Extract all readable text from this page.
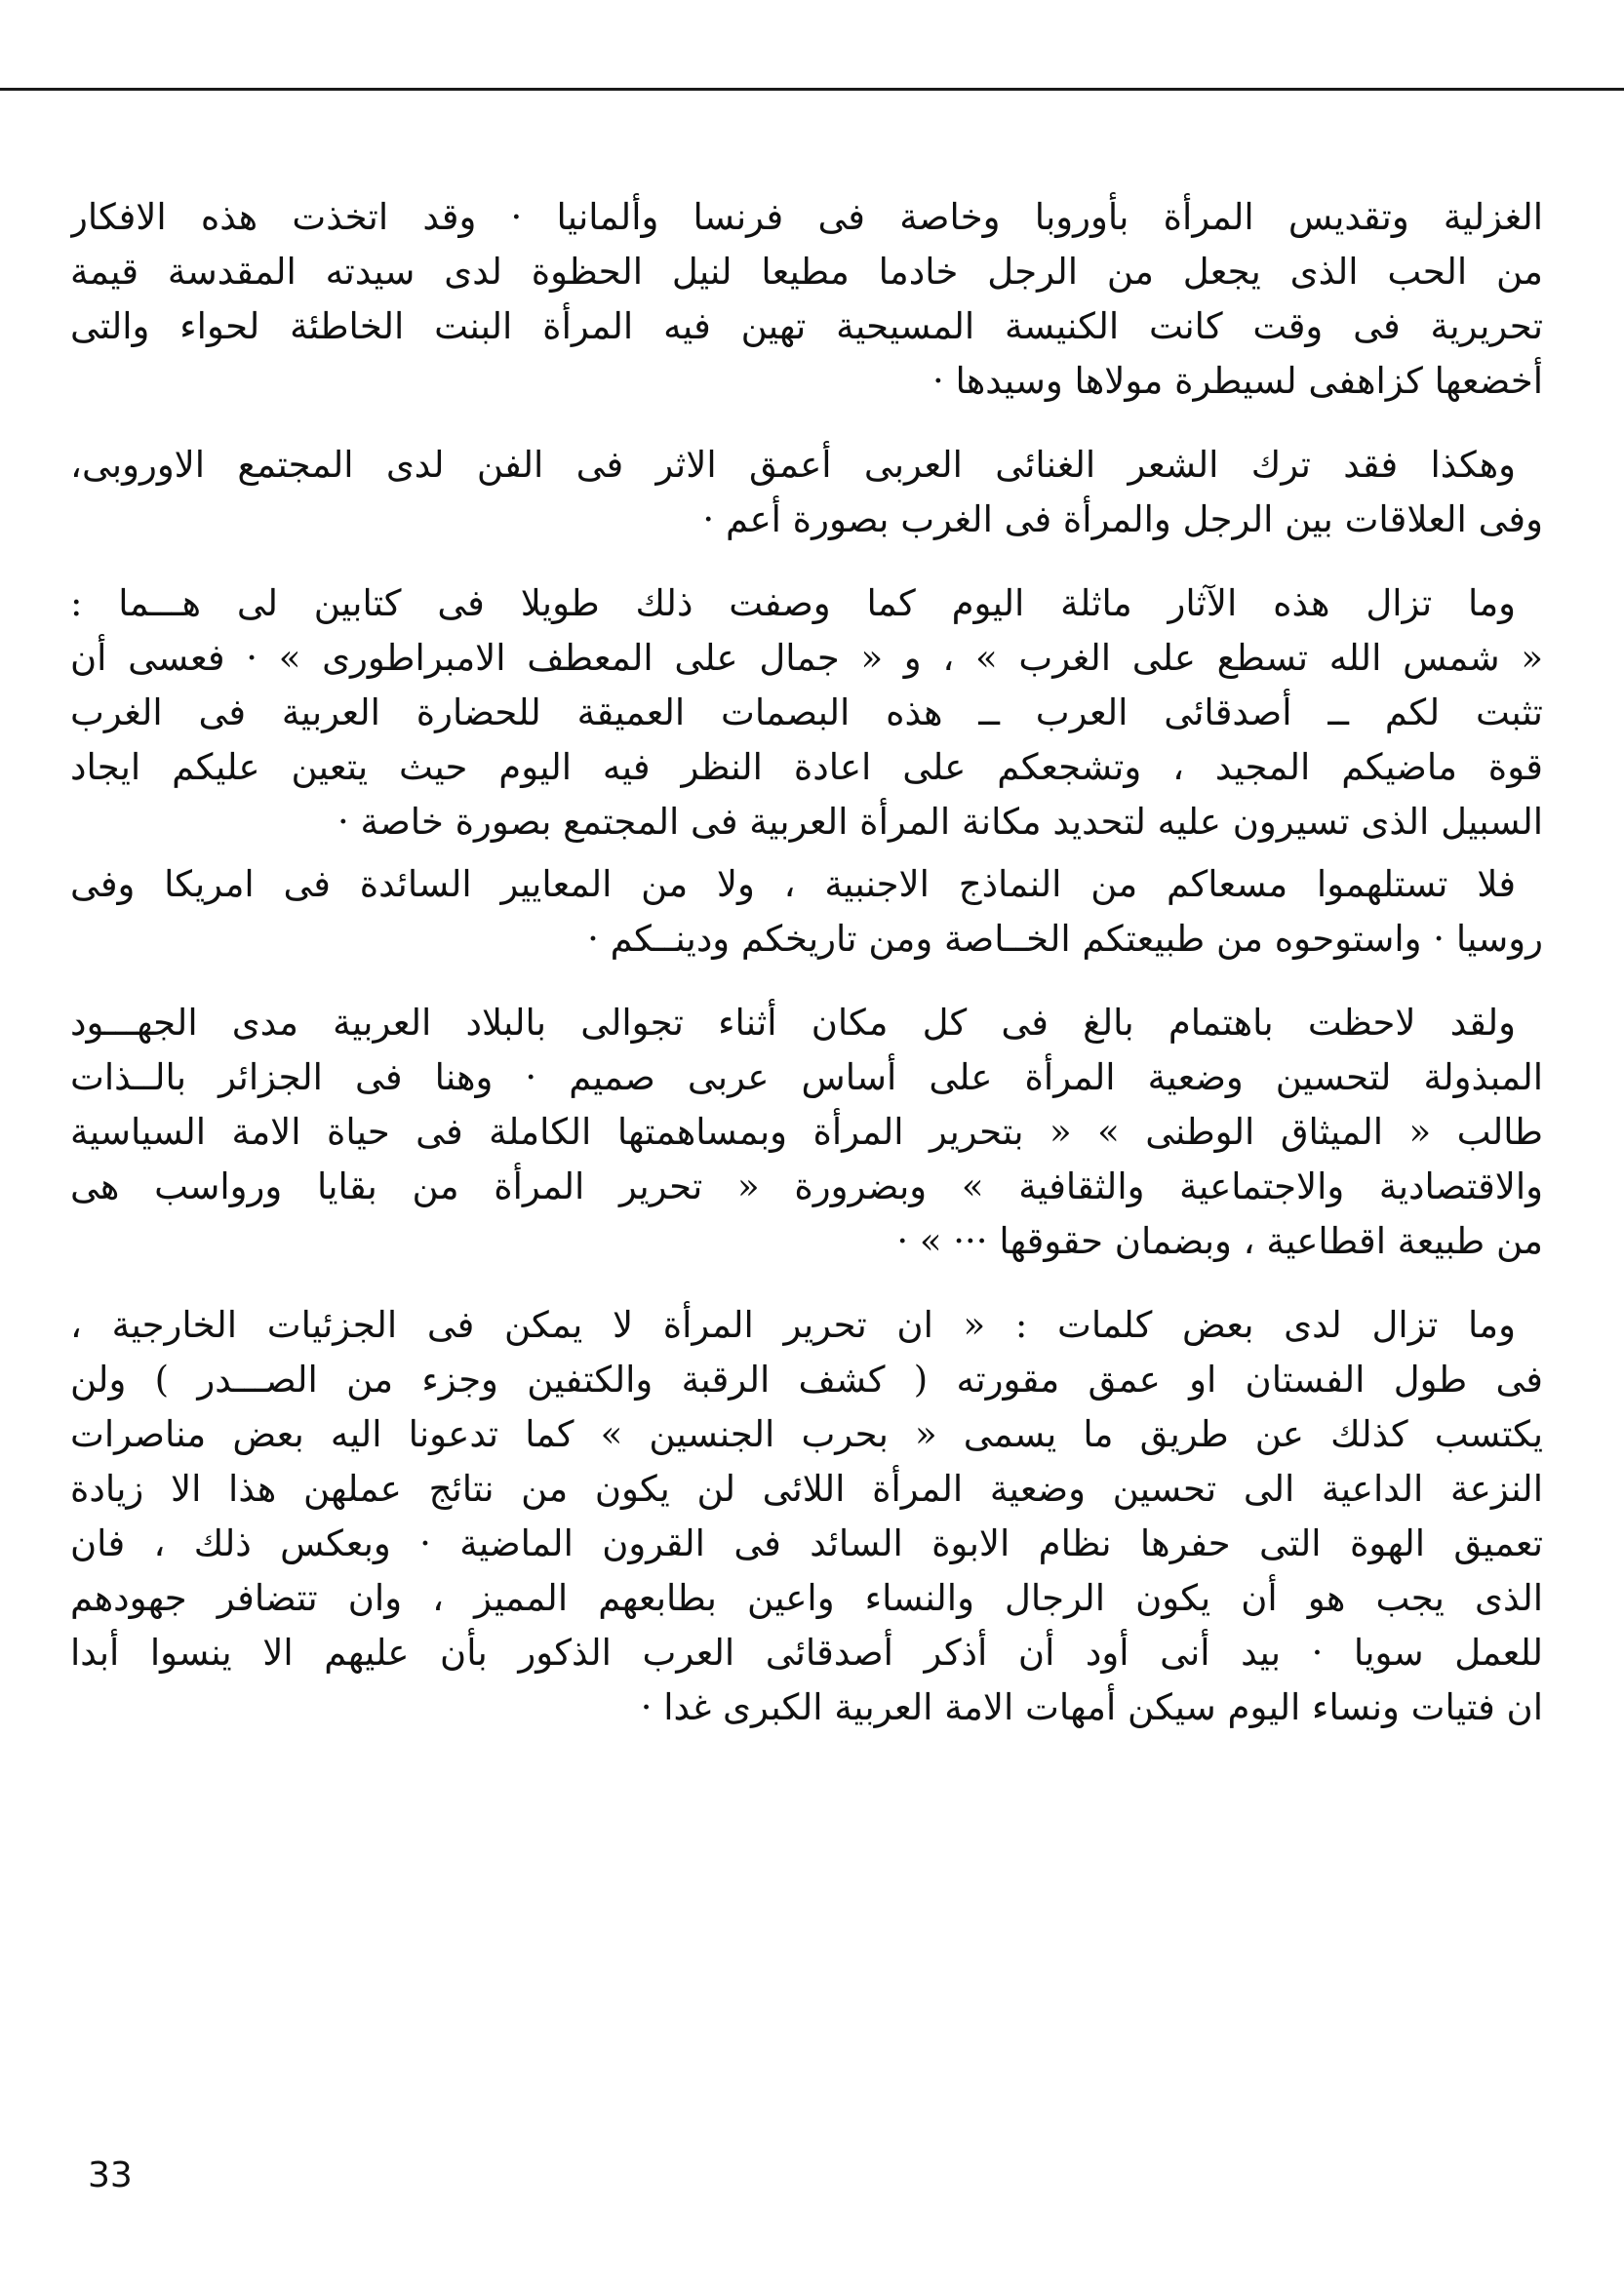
الغزلية وتقديس المرأة بأوروبا وخاصة فى فرنسا وألمانيا · وقد اتخذت هذه الافكار
من الحب الذى يجعل من الرجل خادما مطيعا لنيل الحظوة لدى سيدته المقدسة قيمة
تحريرية فى وقت كانت الكنيسة المسيحية تهين فيه المرأة البنت الخاطئة لحواء والتى
أخضعها كزاهفى لسيطرة مولاها وسيدها ·

وهكذا فقد ترك الشعر الغنائى العربى أعمق الاثر فى الفن لدى المجتمع الاوروبى،
وفى العلاقات بين الرجل والمرأة فى الغرب بصورة أعم ·

وما تزال هذه الآثار ماثلة اليوم كما وصفت ذلك طويلا فى كتابين لى هـــما :
« شمس الله تسطع على الغرب » ، و « جمال على المعطف الامبراطورى » · فعسى أن
تثبت لكم ــ أصدقائى العرب ــ هذه البصمات العميقة للحضارة العربية فى الغرب
قوة ماضيكم المجيد ، وتشجعكم على اعادة النظر فيه اليوم حيث يتعين عليكم ايجاد
السبيل الذى تسيرون عليه لتحديد مكانة المرأة العربية فى المجتمع بصورة خاصة ·

فلا تستلهموا مسعاكم من النماذج الاجنبية ، ولا من المعايير السائدة فى امريكا وفى
روسيا · واستوحوه من طبيعتكم الخــاصة ومن تاريخكم ودينــكم ·

ولقد لاحظت باهتمام بالغ فى كل مكان أثناء تجوالى بالبلاد العربية مدى الجهـــود
المبذولة لتحسين وضعية المرأة على أساس عربى صميم · وهنا فى الجزائر بالــذات
طالب « الميثاق الوطنى » « بتحرير المرأة وبمساهمتها الكاملة فى حياة الامة السياسية
والاقتصادية والاجتماعية والثقافية » وبضرورة « تحرير المرأة من بقايا ورواسب هى
من طبيعة اقطاعية ، وبضمان حقوقها ··· » ·

وما تزال لدى بعض كلمات : « ان تحرير المرأة لا يمكن فى الجزئيات الخارجية ،
فى طول الفستان او عمق مقورته ( كشف الرقبة والكتفين وجزء من الصـــدر ) ولن
يكتسب كذلك عن طريق ما يسمى « بحرب الجنسين » كما تدعونا اليه بعض مناصرات
النزعة الداعية الى تحسين وضعية المرأة اللائى لن يكون من نتائج عملهن هذا الا زيادة
تعميق الهوة التى حفرها نظام الابوة السائد فى القرون الماضية · وبعكس ذلك ، فان
الذى يجب هو أن يكون الرجال والنساء واعين بطابعهم المميز ، وان تتضافر جهودهم
للعمل سويا · بيد أنى أود أن أذكر أصدقائى العرب الذكور بأن عليهم الا ينسوا أبدا
ان فتيات ونساء اليوم سيكن أمهات الامة العربية الكبرى غدا ·

33
